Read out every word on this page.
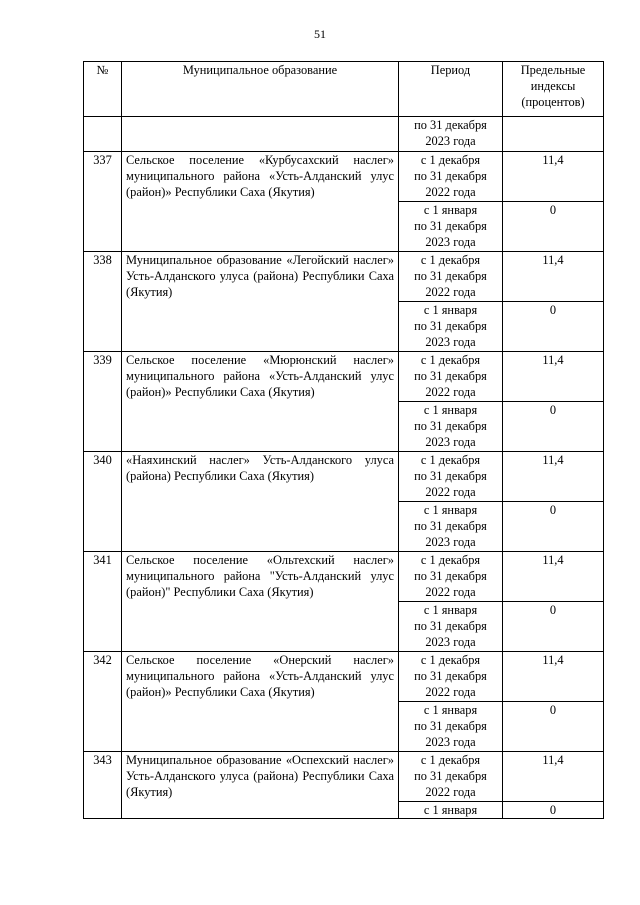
51
№	Муниципальное образование	Период	Предельные индексы (процентов)

		по 31 декабря
2023 года	

337	Сельское поселение «Курбусахский наслег» муниципального района «Усть-Алданский улус (район)» Республики Саха (Якутия)	с 1 декабря
по 31 декабря
2022 года	11,4

		с 1 января
по 31 декабря
2023 года	0
338	Муниципальное образование «Легойский наслег» Усть-Алданского улуса (района) Республики Саха (Якутия)	с 1 декабря
по 31 декабря
2022 года	11,4

		с 1 января
по 31 декабря
2023 года	0
339	Сельское поселение «Мюрюнский наслег» муниципального района «Усть-Алданский улус (район)» Республики Саха (Якутия)	с 1 декабря
по 31 декабря
2022 года	11,4

		с 1 января
по 31 декабря
2023 года	0
340	«Наяхинский наслег» Усть-Алданского улуса (района) Республики Саха (Якутия)	с 1 декабря
по 31 декабря
2022 года	11,4

		с 1 января
по 31 декабря
2023 года	0
341	Сельское поселение «Ольтехский наслег» муниципального района "Усть-Алданский улус (район)" Республики Саха (Якутия)	с 1 декабря
по 31 декабря
2022 года	11,4

		с 1 января
по 31 декабря
2023 года	0
342	Сельское поселение «Онерский наслег» муниципального района «Усть-Алданский улус (район)» Республики Саха (Якутия)	с 1 декабря
по 31 декабря
2022 года	11,4

		с 1 января
по 31 декабря
2023 года	0
343	Муниципальное образование «Оспехский наслег» Усть-Алданского улуса (района) Республики Саха (Якутия)	с 1 декабря
по 31 декабря
2022 года	11,4

		с 1 января	0
